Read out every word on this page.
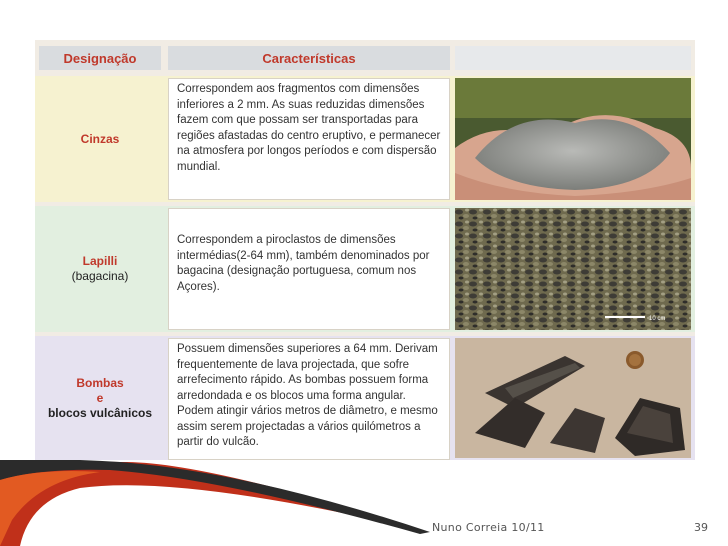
Designação	Características
Cinzas
Correspondem aos fragmentos com dimensões inferiores a 2 mm. As suas reduzidas dimensões fazem com que possam ser transportadas para regiões afastadas do centro eruptivo, e permanecer na atmosfera por longos períodos e com dispersão mundial.
Lapilli
(bagacina)
Correspondem a piroclastos de dimensões intermédias(2-64 mm), também denominados por bagacina (designação portuguesa, comum nos Açores).
10 cm
Bombas
e
blocos vulcânicos
Possuem dimensões superiores a 64 mm. Derivam frequentemente de lava projectada, que sofre arrefecimento rápido. As bombas possuem forma arredondada e os blocos uma forma angular. Podem atingir vários metros de diâmetro, e mesmo assim serem projectadas a vários quilómetros a partir do vulcão.
Nuno Correia 10/11	39
